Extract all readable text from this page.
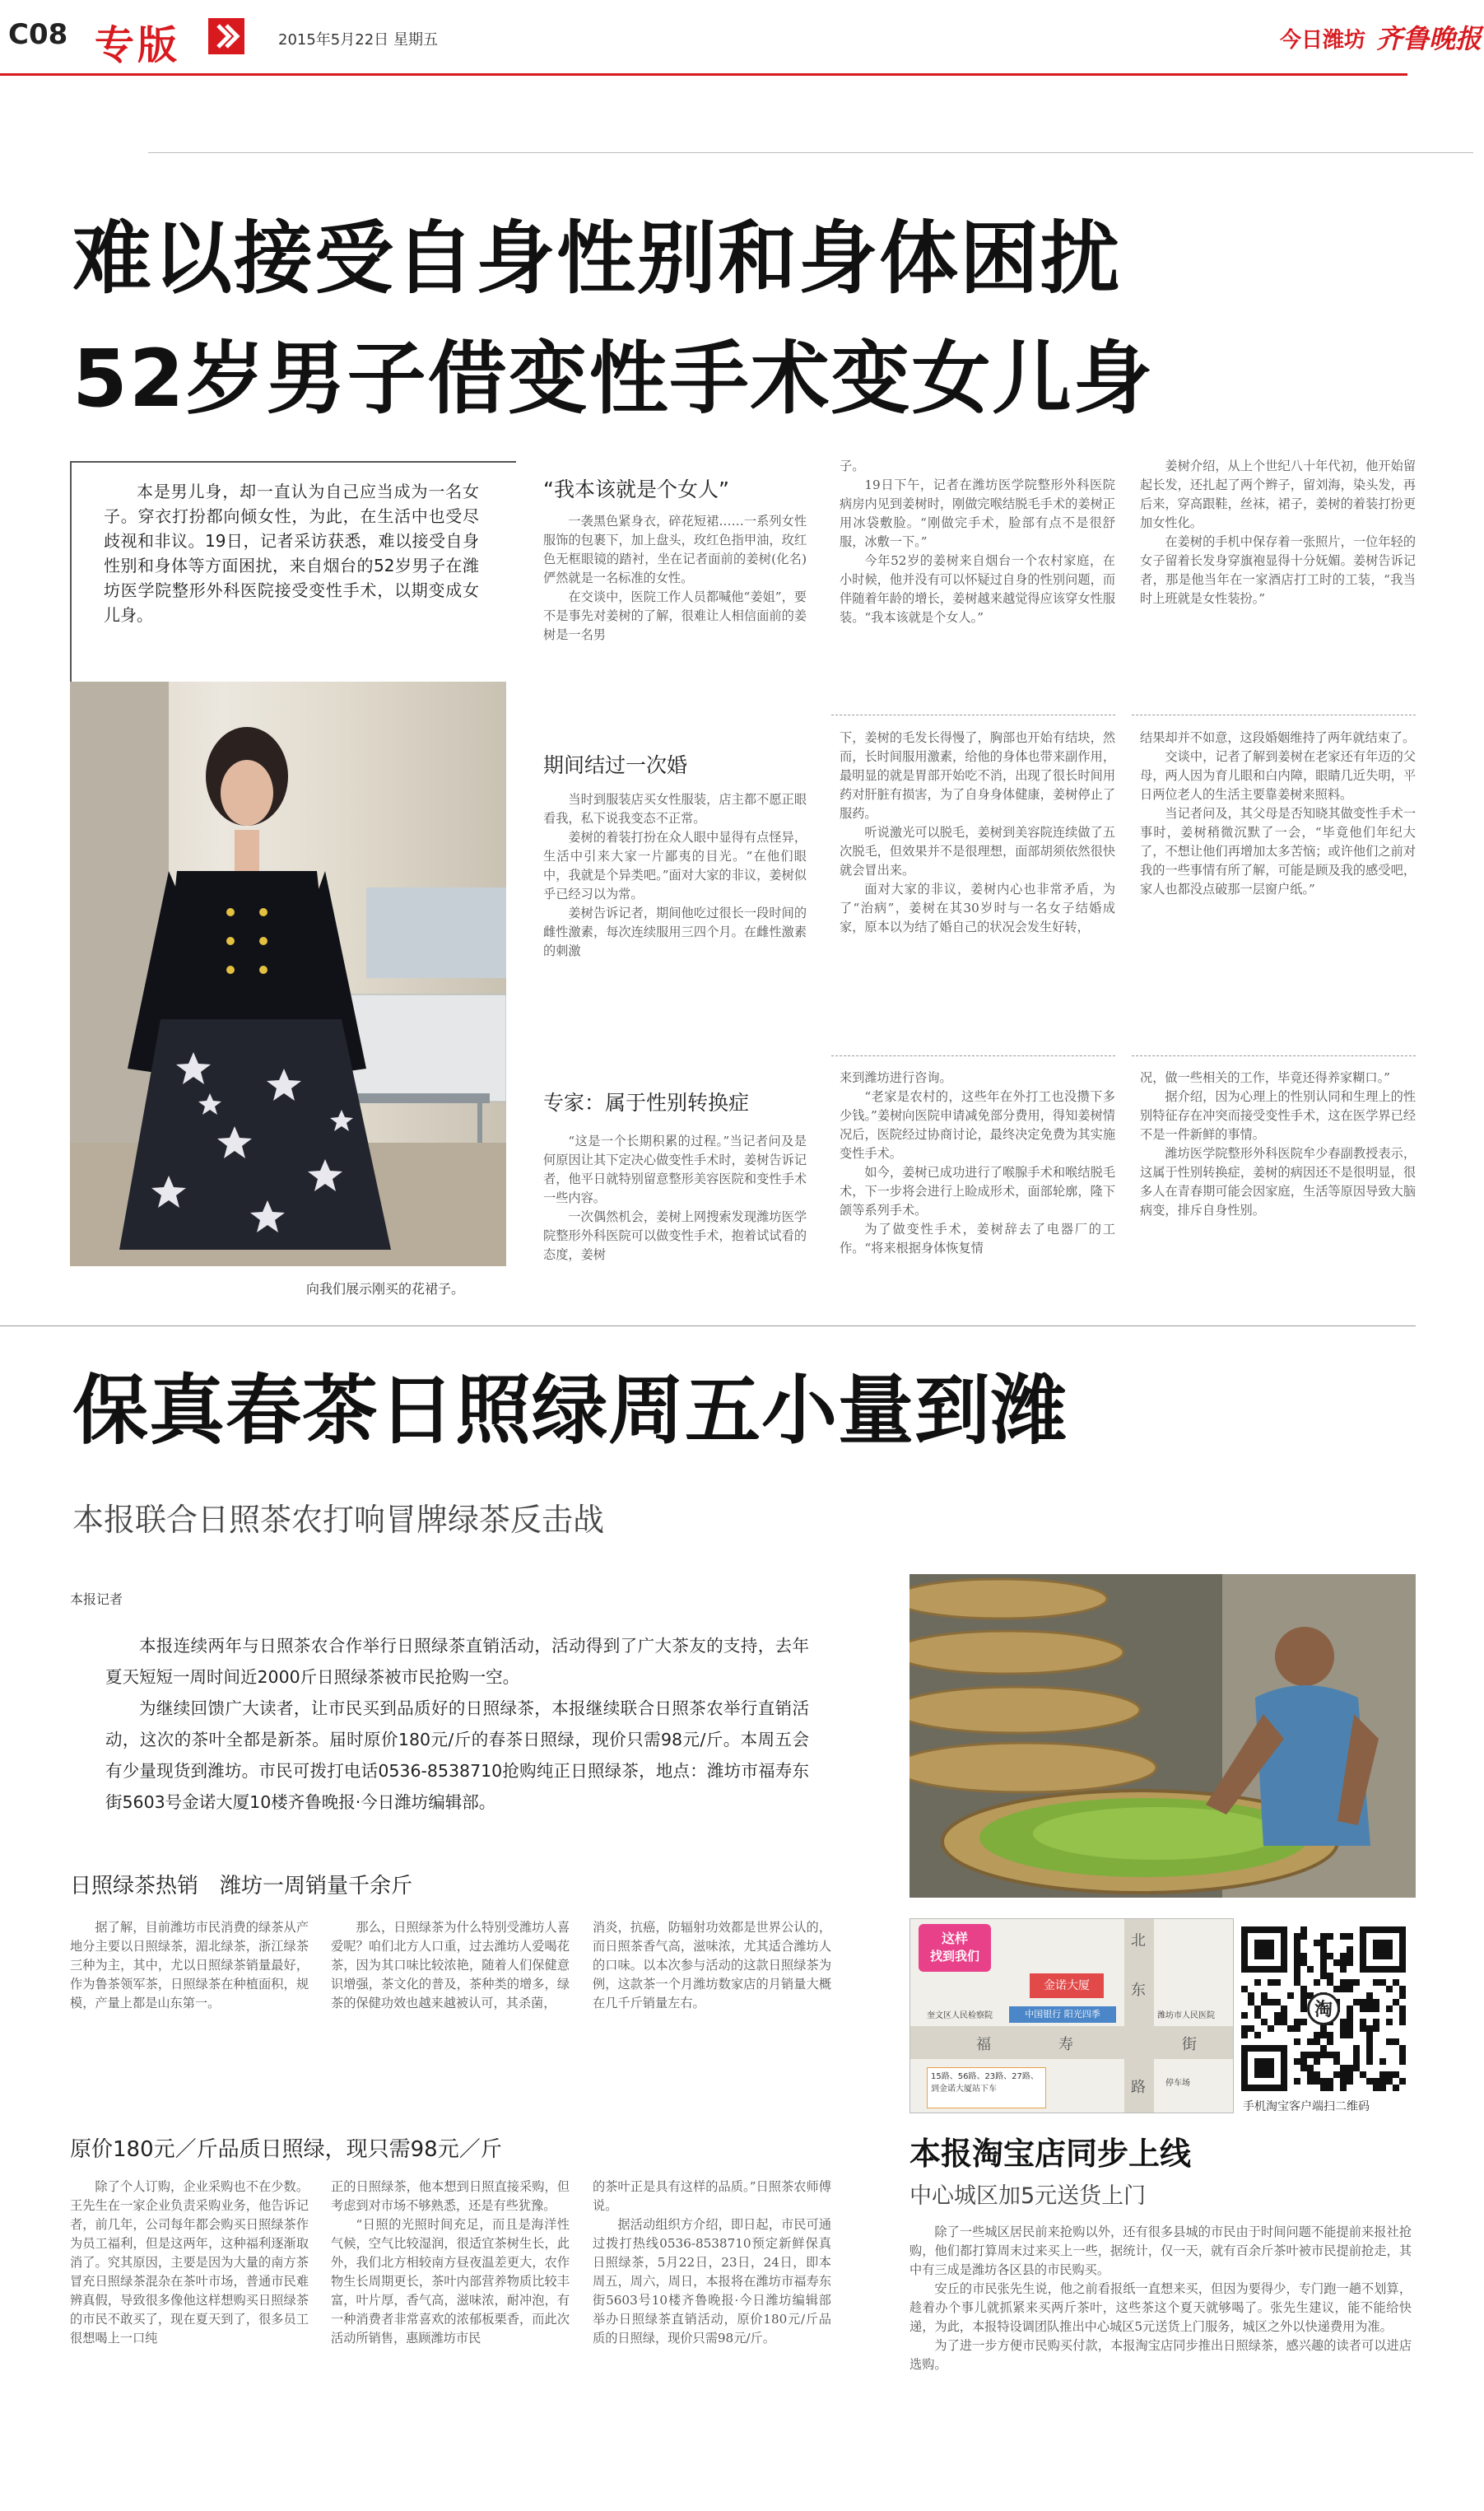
C08 专版	2015年5月22日 星期五	今日潍坊 齐鲁晚报
难以接受自身性别和身体困扰
52岁男子借变性手术变女儿身
本是男儿身，却一直认为自己应当成为一名女子。穿衣打扮都向倾女性，为此，在生活中也受尽歧视和非议。19日，记者采访获悉，难以接受自身性别和身体等方面困扰，来自烟台的52岁男子在潍坊医学院整形外科医院接受变性手术，以期变成女儿身。
向我们展示刚买的花裙子。
“我本该就是个女人”

一袭黑色紧身衣，碎花短裙……一系列女性服饰的包裹下，加上盘头，玫红色指甲油，玫红色无框眼镜的踏衬，坐在记者面前的姜树(化名)俨然就是一名标准的女性。

在交谈中，医院工作人员都喊他“姜姐”，要不是事先对姜树的了解，很难让人相信面前的姜树是一名男

期间结过一次婚

当时到服装店买女性服装，店主都不愿正眼看我，私下说我变态不正常。

姜树的着装打扮在众人眼中显得有点怪异，生活中引来大家一片鄙夷的目光。“在他们眼中，我就是个异类吧。”面对大家的非议，姜树似乎已经习以为常。

姜树告诉记者，期间他吃过很长一段时间的雌性激素，每次连续服用三四个月。在雌性激素的刺激

专家：属于性别转换症

“这是一个长期积累的过程。”当记者问及是何原因让其下定决心做变性手术时，姜树告诉记者，他平日就特别留意整形美容医院和变性手术一些内容。

一次偶然机会，姜树上网搜索发现潍坊医学院整形外科医院可以做变性手术，抱着试试看的态度，姜树

子。

19日下午，记者在潍坊医学院整形外科医院病房内见到姜树时，刚做完喉结脱毛手术的姜树正用冰袋敷脸。“刚做完手术，脸部有点不是很舒服，冰敷一下。”

今年52岁的姜树来自烟台一个农村家庭，在小时候，他并没有可以怀疑过自身的性别问题，而伴随着年龄的增长，姜树越来越觉得应该穿女性服装。“我本该就是个女人。”

下，姜树的毛发长得慢了，胸部也开始有结块，然而，长时间服用激素，给他的身体也带来副作用，最明显的就是胃部开始吃不消，出现了很长时间用药对肝脏有损害，为了自身身体健康，姜树停止了服药。

听说激光可以脱毛，姜树到美容院连续做了五次脱毛，但效果并不是很理想，面部胡须依然很快就会冒出来。

面对大家的非议，姜树内心也非常矛盾，为了“治病”，姜树在其30岁时与一名女子结婚成家，原本以为结了婚自己的状况会发生好转，

来到潍坊进行咨询。

“老家是农村的，这些年在外打工也没攒下多少钱。”姜树向医院申请减免部分费用，得知姜树情况后，医院经过协商讨论，最终决定免费为其实施变性手术。

如今，姜树已成功进行了喉腺手术和喉结脱毛术，下一步将会进行上睑成形术，面部轮廓，隆下颌等系列手术。

为了做变性手术，姜树辞去了电器厂的工作。“将来根据身体恢复情

姜树介绍，从上个世纪八十年代初，他开始留起长发，还扎起了两个辫子，留刘海，染头发，再后来，穿高跟鞋，丝袜，裙子，姜树的着装打扮更加女性化。

在姜树的手机中保存着一张照片，一位年轻的女子留着长发身穿旗袍显得十分妩媚。姜树告诉记者，那是他当年在一家酒店打工时的工装，“我当时上班就是女性装扮。”

结果却并不如意，这段婚姻维持了两年就结束了。

交谈中，记者了解到姜树在老家还有年迈的父母，两人因为育儿眼和白内障，眼睛几近失明，平日两位老人的生活主要靠姜树来照料。

当记者问及，其父母是否知晓其做变性手术一事时，姜树稍微沉默了一会，“毕竟他们年纪大了，不想让他们再增加太多苦恼；或许他们之前对我的一些事情有所了解，可能是顾及我的感受吧，家人也都没点破那一层窗户纸。”

况，做一些相关的工作，毕竟还得养家糊口。”

据介绍，因为心理上的性别认同和生理上的性别特征存在冲突而接受变性手术，这在医学界已经不是一件新鲜的事情。

潍坊医学院整形外科医院牟少春副教授表示，这属于性别转换症，姜树的病因还不是很明显，很多人在青春期可能会因家庭，生活等原因导致大脑病变，排斥自身性别。

保真春茶日照绿周五小量到潍
本报联合日照茶农打响冒牌绿茶反击战
本报记者

本报连续两年与日照茶农合作举行日照绿茶直销活动，活动得到了广大茶友的支持，去年夏天短短一周时间近2000斤日照绿茶被市民抢购一空。

为继续回馈广大读者，让市民买到品质好的日照绿茶，本报继续联合日照茶农举行直销活动，这次的茶叶全都是新茶。届时原价180元/斤的春茶日照绿，现价只需98元/斤。本周五会有少量现货到潍坊。市民可拨打电话0536-8538710抢购纯正日照绿茶，地点：潍坊市福寿东街5603号金诺大厦10楼齐鲁晚报·今日潍坊编辑部。

日照绿茶热销　潍坊一周销量千余斤

据了解，目前潍坊市民消费的绿茶从产地分主要以日照绿茶，湄北绿茶，浙江绿茶三种为主，其中，尤以日照绿茶销量最好，作为鲁茶领军茶，日照绿茶在种植面积，规模，产量上都是山东第一。

那么，日照绿茶为什么特别受潍坊人喜爱呢？咱们北方人口重，过去潍坊人爱喝花茶，因为其口味比较浓艳，随着人们保健意识增强，茶文化的普及，茶种类的增多，绿茶的保健功效也越来越被认可，其杀菌，

消炎，抗癌，防辐射功效都是世界公认的，而日照茶香气高，滋味浓，尤其适合潍坊人的口味。以本次参与活动的这款日照绿茶为例，这款茶一个月潍坊数家店的月销量大概在几千斤销量左右。

原价180元／斤品质日照绿，现只需98元／斤

除了个人订购，企业采购也不在少数。王先生在一家企业负责采购业务，他告诉记者，前几年，公司每年都会购买日照绿茶作为员工福利，但是这两年，这种福利逐渐取消了。究其原因，主要是因为大量的南方茶冒充日照绿茶混杂在茶叶市场，普通市民难辨真假，导致很多像他这样想购买日照绿茶的市民不敢买了，现在夏天到了，很多员工很想喝上一口纯

正的日照绿茶，他本想到日照直接采购，但考虑到对市场不够熟悉，还是有些犹豫。

“日照的光照时间充足，而且是海洋性气候，空气比较湿润，很适宜茶树生长，此外，我们北方相较南方昼夜温差更大，农作物生长周期更长，茶叶内部营养物质比较丰富，叶片厚，香气高，滋味浓，耐冲泡，有一种消费者非常喜欢的浓郁板栗香，而此次活动所销售，惠顾潍坊市民

的茶叶正是具有这样的品质。”日照茶农师傅说。

据活动组织方介绍，即日起，市民可通过拨打热线0536-8538710预定新鲜保真日照绿茶，5月22日，23日，24日，即本周五，周六，周日，本报将在潍坊市福寿东街5603号10楼齐鲁晚报·今日潍坊编辑部举办日照绿茶直销活动，原价180元/斤品质的日照绿，现价只需98元/斤。

这样
找到我们
金诺大厦
中国银行 阳光四季
奎文区人民检察院	潍坊市人民医院
北
东
路
福	寿	街
15路、56路、23路、27路、
到金诺大厦站下车
停车场
淘
手机淘宝客户端扫二维码
本报淘宝店同步上线
中心城区加5元送货上门

除了一些城区居民前来抢购以外，还有很多县城的市民由于时间问题不能提前来报社抢购，他们都打算周末过来买上一些，据统计，仅一天，就有百余斤茶叶被市民提前抢走，其中有三成是潍坊各区县的市民购买。

安丘的市民张先生说，他之前看报纸一直想来买，但因为要得少，专门跑一趟不划算，趁着办个事儿就抓紧来买两斤茶叶，这些茶这个夏天就够喝了。张先生建议，能不能给快递，为此，本报特设调团队推出中心城区5元送货上门服务，城区之外以快递费用为准。

为了进一步方便市民购买付款，本报淘宝店同步推出日照绿茶，感兴趣的读者可以进店选购。
